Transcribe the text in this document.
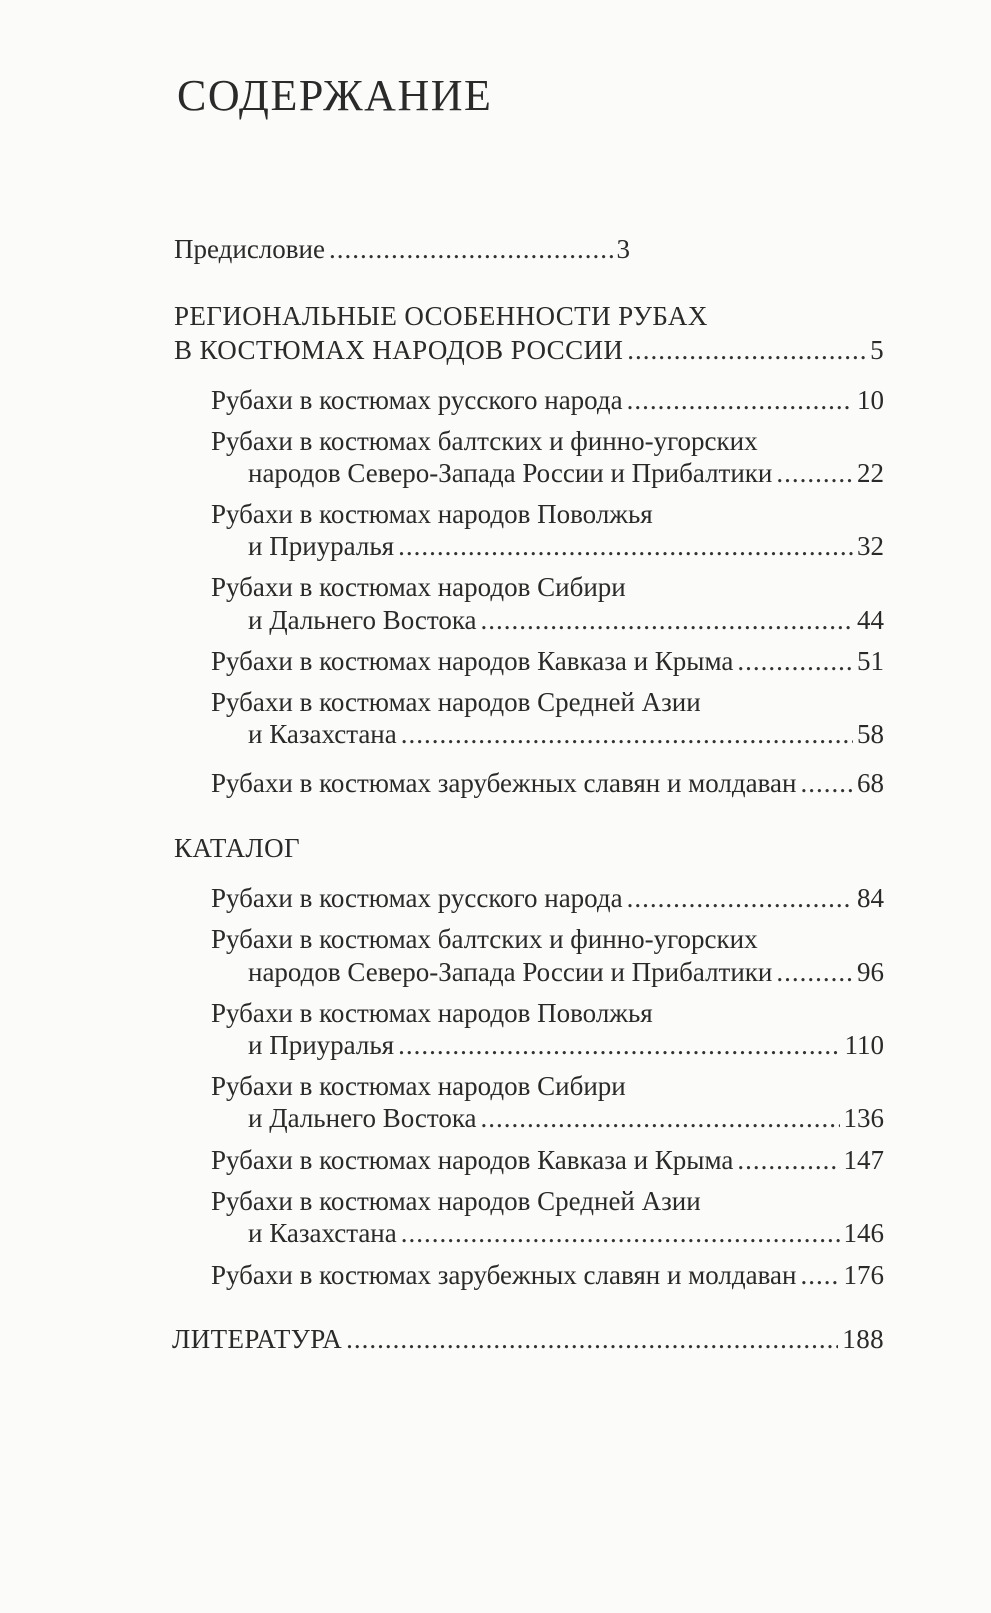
СОДЕРЖАНИЕ
Предисловие .....	3
РЕГИОНАЛЬНЫЕ ОСОБЕННОСТИ РУБАХ
В КОСТЮМАХ НАРОДОВ РОССИИ .....	5
Рубахи в костюмах русского народа .....	10
Рубахи в костюмах балтских и финно-угорских
народов Северо-Запада России и Прибалтики .....	22
Рубахи в костюмах народов Поволжья
и Приуралья .....	32
Рубахи в костюмах народов Сибири
и Дальнего Востока .....	44
Рубахи в костюмах народов Кавказа и Крыма .....	51
Рубахи в костюмах народов Средней Азии
и Казахстана .....	58
Рубахи в костюмах зарубежных славян и молдаван ..... 68
КАТАЛОГ
Рубахи в костюмах русского народа .....	84
Рубахи в костюмах балтских и финно-угорских
народов Северо-Запада России и Прибалтики .....	96
Рубахи в костюмах народов Поволжья
и Приуралья .....	110
Рубахи в костюмах народов Сибири
и Дальнего Востока .....	136
Рубахи в костюмах народов Кавказа и Крыма .....	147
Рубахи в костюмах народов Средней Азии
и Казахстана .....	146
Рубахи в костюмах зарубежных славян и молдаван ..... 176
ЛИТЕРАТУРА .....	188
